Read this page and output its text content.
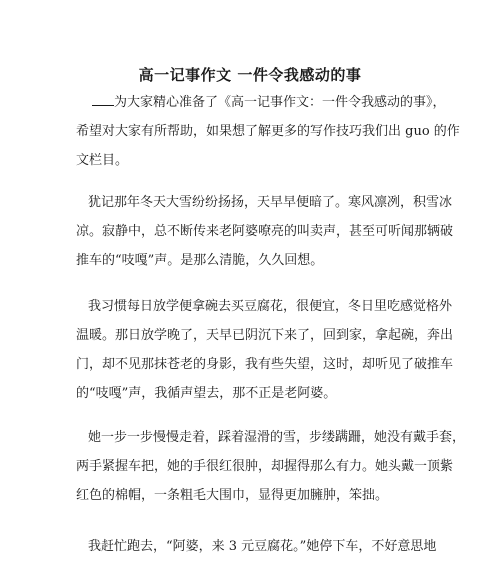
高一记事作文 一件令我感动的事
为大家精心准备了《高一记事作文：一件令我感动的事》，
希望对大家有所帮助，如果想了解更多的写作技巧我们出 guo 的作
文栏目。
犹记那年冬天大雪纷纷扬扬，天早早便暗了。寒风凛冽，积雪冰
凉。寂静中，总不断传来老阿婆嘹亮的叫卖声，甚至可听闻那辆破
推车的“吱嘎”声。是那么清脆，久久回想。
我习惯每日放学便拿碗去买豆腐花，很便宜，冬日里吃感觉格外
温暖。那日放学晚了，天早已阴沉下来了，回到家，拿起碗，奔出
门，却不见那抹苍老的身影，我有些失望，这时，却听见了破推车
的“吱嘎”声，我循声望去，那不正是老阿婆。
她一步一步慢慢走着，踩着湿滑的雪，步缕蹒跚，她没有戴手套，
两手紧握车把，她的手很红很肿，却握得那么有力。她头戴一顶紫
红色的棉帽，一条粗毛大围巾，显得更加臃肿，笨拙。
我赶忙跑去，“阿婆，来 3 元豆腐花。”她停下车，不好意思地
